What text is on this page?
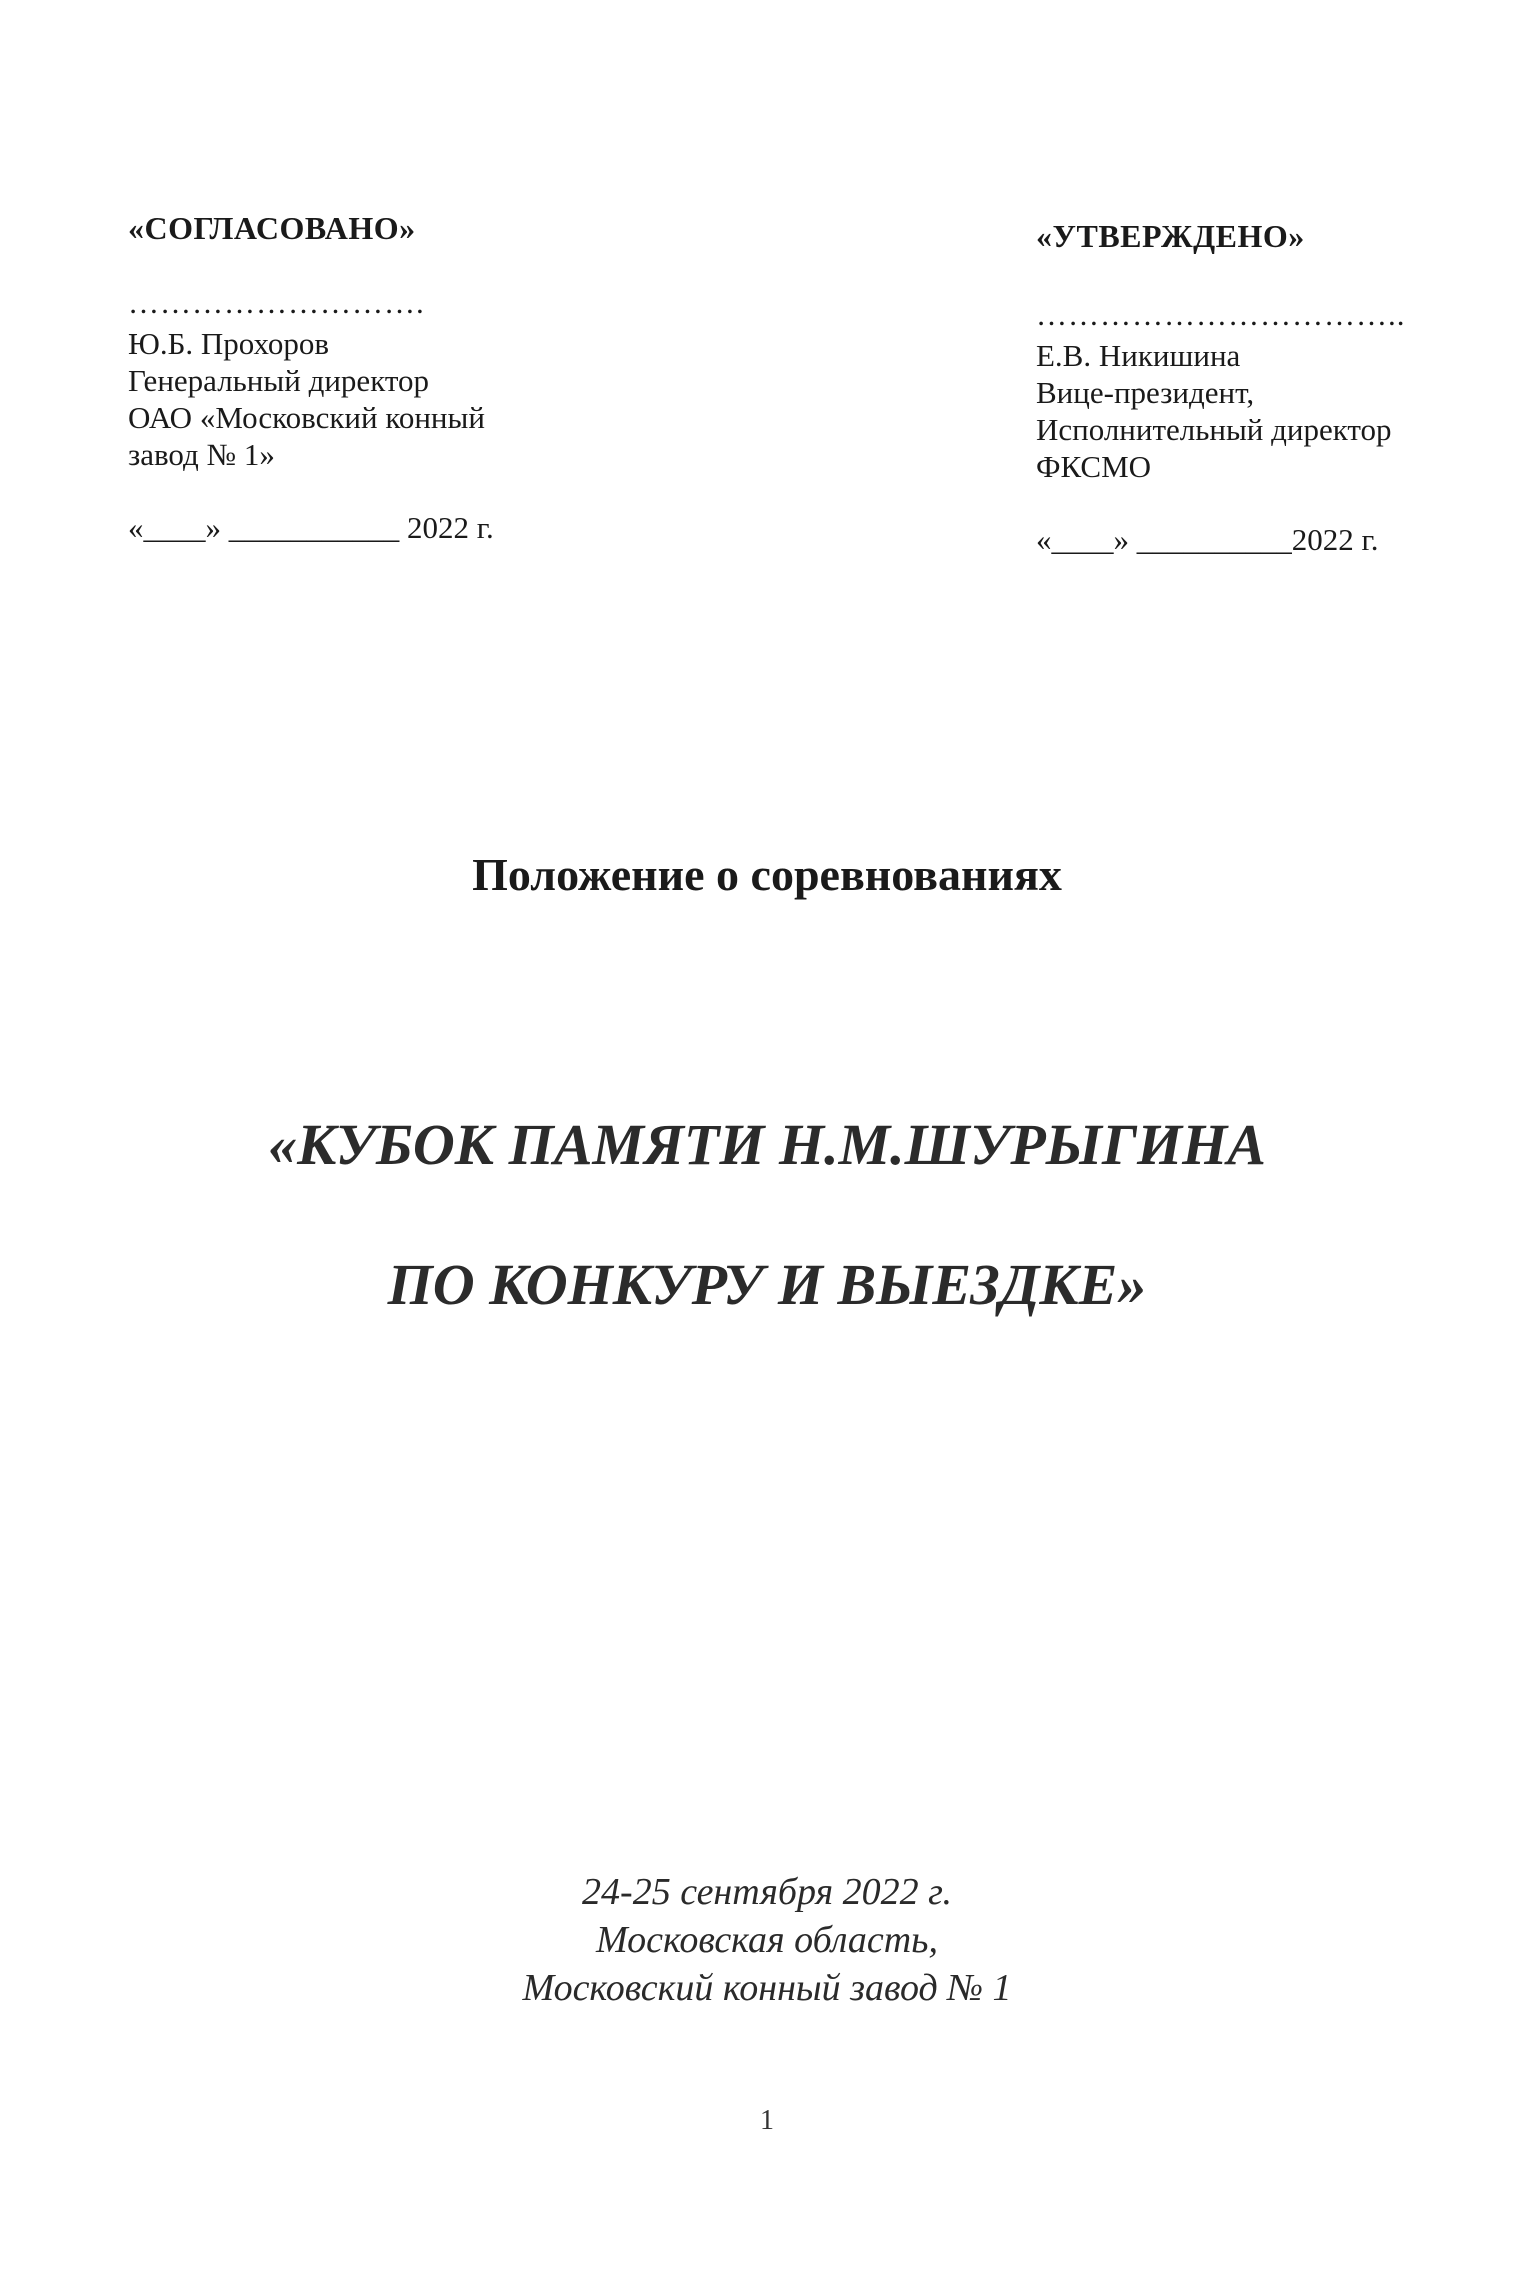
«СОГЛАСОВАНО»
……………………….
Ю.Б. Прохоров
Генеральный директор
ОАО «Московский конный
завод № 1»
«____» ___________ 2022 г.
«УТВЕРЖДЕНО»
……………………………..
Е.В. Никишина
Вице-президент,
Исполнительный директор
ФКСМО
«____» __________2022 г.
Положение о соревнованиях
«КУБОК ПАМЯТИ Н.М.ШУРЫГИНА
ПО КОНКУРУ И ВЫЕЗДКЕ»
24-25 сентября 2022 г.
Московская область,
Московский конный завод № 1
1
